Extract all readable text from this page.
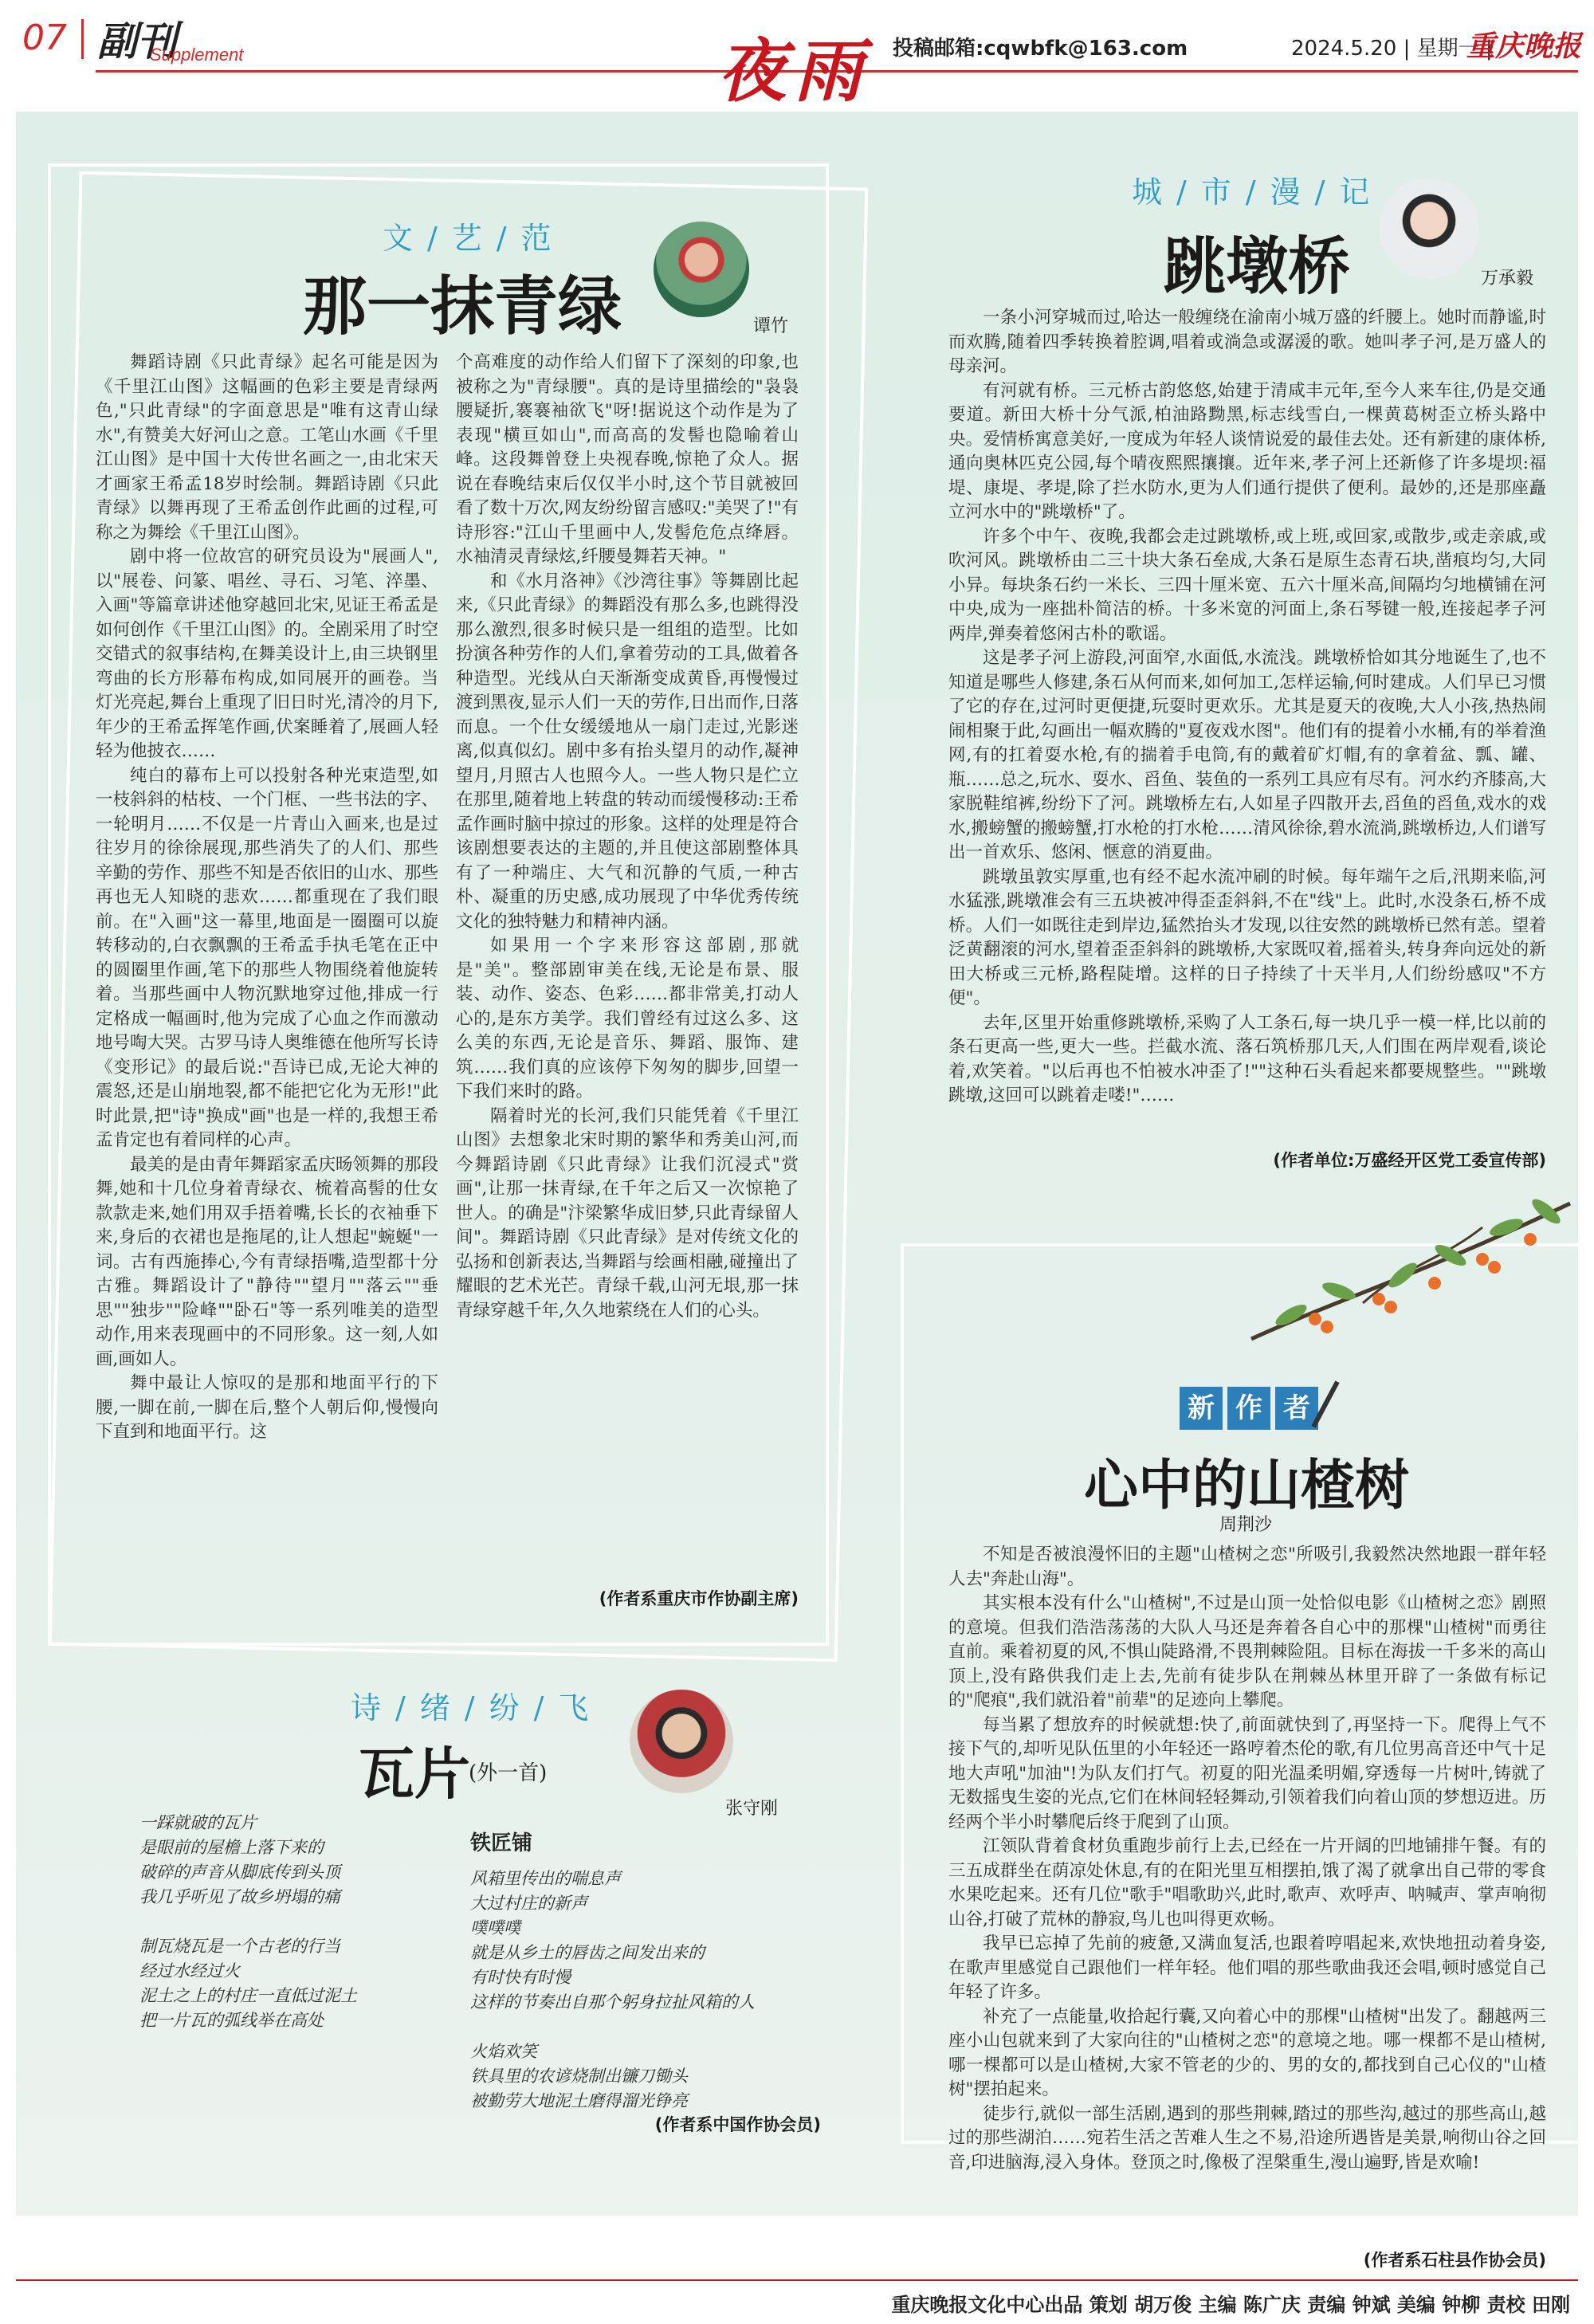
07 副刊
Supplement	夜雨 投稿邮箱:cqwbfk@163.com	2024.5.20 | 星期一 |
重庆晚报
文/艺/范
那一抹青绿	谭竹

舞蹈诗剧《只此青绿》起名可能是因为《千里江山图》这幅画的色彩主要是青绿两色,"只此青绿"的字面意思是"唯有这青山绿水",有赞美大好河山之意。工笔山水画《千里江山图》是中国十大传世名画之一,由北宋天才画家王希孟18岁时绘制。舞蹈诗剧《只此青绿》以舞再现了王希孟创作此画的过程,可称之为舞绘《千里江山图》。

剧中将一位故宫的研究员设为"展画人",以"展卷、问篆、唱丝、寻石、习笔、淬墨、入画"等篇章讲述他穿越回北宋,见证王希孟是如何创作《千里江山图》的。全剧采用了时空交错式的叙事结构,在舞美设计上,由三块钢里弯曲的长方形幕布构成,如同展开的画卷。当灯光亮起,舞台上重现了旧日时光,清冷的月下,年少的王希孟挥笔作画,伏案睡着了,展画人轻轻为他披衣……

纯白的幕布上可以投射各种光束造型,如一枝斜斜的枯枝、一个门框、一些书法的字、一轮明月……不仅是一片青山入画来,也是过往岁月的徐徐展现,那些消失了的人们、那些辛勤的劳作、那些不知是否依旧的山水、那些再也无人知晓的悲欢……都重现在了我们眼前。在"入画"这一幕里,地面是一圈圈可以旋转移动的,白衣飘飘的王希孟手执毛笔在正中的圆圈里作画,笔下的那些人物围绕着他旋转着。当那些画中人物沉默地穿过他,排成一行定格成一幅画时,他为完成了心血之作而激动地号啕大哭。古罗马诗人奥维德在他所写长诗《变形记》的最后说:"吾诗已成,无论大神的震怒,还是山崩地裂,都不能把它化为无形!"此时此景,把"诗"换成"画"也是一样的,我想王希孟肯定也有着同样的心声。

最美的是由青年舞蹈家孟庆旸领舞的那段舞,她和十几位身着青绿衣、梳着高髻的仕女款款走来,她们用双手捂着嘴,长长的衣袖垂下来,身后的衣裙也是拖尾的,让人想起"蜿蜒"一词。古有西施捧心,今有青绿捂嘴,造型都十分古雅。舞蹈设计了"静待""望月""落云""垂思""独步""险峰""卧石"等一系列唯美的造型动作,用来表现画中的不同形象。这一刻,人如画,画如人。

舞中最让人惊叹的是那和地面平行的下腰,一脚在前,一脚在后,整个人朝后仰,慢慢向下直到和地面平行。这

个高难度的动作给人们留下了深刻的印象,也被称之为"青绿腰"。真的是诗里描绘的"袅袅腰疑折,褰褰袖欲飞"呀!据说这个动作是为了表现"横亘如山",而高高的发髻也隐喻着山峰。这段舞曾登上央视春晚,惊艳了众人。据说在春晚结束后仅仅半小时,这个节目就被回看了数十万次,网友纷纷留言感叹:"美哭了!"有诗形容:"江山千里画中人,发髻危危点绛唇。水袖清灵青绿炫,纤腰曼舞若天神。"

和《水月洛神》《沙湾往事》等舞剧比起来,《只此青绿》的舞蹈没有那么多,也跳得没那么激烈,很多时候只是一组组的造型。比如扮演各种劳作的人们,拿着劳动的工具,做着各种造型。光线从白天渐渐变成黄昏,再慢慢过渡到黑夜,显示人们一天的劳作,日出而作,日落而息。一个仕女缓缓地从一扇门走过,光影迷离,似真似幻。剧中多有抬头望月的动作,凝神望月,月照古人也照今人。一些人物只是伫立在那里,随着地上转盘的转动而缓慢移动:王希孟作画时脑中掠过的形象。这样的处理是符合该剧想要表达的主题的,并且使这部剧整体具有了一种端庄、大气和沉静的气质,一种古朴、凝重的历史感,成功展现了中华优秀传统文化的独特魅力和精神内涵。

如果用一个字来形容这部剧,那就是"美"。整部剧审美在线,无论是布景、服装、动作、姿态、色彩……都非常美,打动人心的,是东方美学。我们曾经有过这么多、这么美的东西,无论是音乐、舞蹈、服饰、建筑……我们真的应该停下匆匆的脚步,回望一下我们来时的路。

隔着时光的长河,我们只能凭着《千里江山图》去想象北宋时期的繁华和秀美山河,而今舞蹈诗剧《只此青绿》让我们沉浸式"赏画",让那一抹青绿,在千年之后又一次惊艳了世人。的确是"汴梁繁华成旧梦,只此青绿留人间"。舞蹈诗剧《只此青绿》是对传统文化的弘扬和创新表达,当舞蹈与绘画相融,碰撞出了耀眼的艺术光芒。青绿千载,山河无垠,那一抹青绿穿越千年,久久地萦绕在人们的心头。

(作者系重庆市作协副主席)
城/市/漫/记
跳墩桥	万承毅

一条小河穿城而过,哈达一般缠绕在渝南小城万盛的纤腰上。她时而静谧,时而欢腾,随着四季转换着腔调,唱着或淌急或潺湲的歌。她叫孝子河,是万盛人的母亲河。

有河就有桥。三元桥古韵悠悠,始建于清咸丰元年,至今人来车往,仍是交通要道。新田大桥十分气派,柏油路黝黑,标志线雪白,一棵黄葛树歪立桥头路中央。爱情桥寓意美好,一度成为年轻人谈情说爱的最佳去处。还有新建的康体桥,通向奥林匹克公园,每个晴夜熙熙攘攘。近年来,孝子河上还新修了许多堤坝:福堤、康堤、孝堤,除了拦水防水,更为人们通行提供了便利。最妙的,还是那座矗立河水中的"跳墩桥"了。

许多个中午、夜晚,我都会走过跳墩桥,或上班,或回家,或散步,或走亲戚,或吹河风。跳墩桥由二三十块大条石垒成,大条石是原生态青石块,凿痕均匀,大同小异。每块条石约一米长、三四十厘米宽、五六十厘米高,间隔均匀地横铺在河中央,成为一座拙朴简洁的桥。十多米宽的河面上,条石琴键一般,连接起孝子河两岸,弹奏着悠闲古朴的歌谣。

这是孝子河上游段,河面窄,水面低,水流浅。跳墩桥恰如其分地诞生了,也不知道是哪些人修建,条石从何而来,如何加工,怎样运输,何时建成。人们早已习惯了它的存在,过河时更便捷,玩耍时更欢乐。尤其是夏天的夜晚,大人小孩,热热闹闹相聚于此,勾画出一幅欢腾的"夏夜戏水图"。他们有的提着小水桶,有的举着渔网,有的扛着耍水枪,有的揣着手电筒,有的戴着矿灯帽,有的拿着盆、瓢、罐、瓶……总之,玩水、耍水、舀鱼、装鱼的一系列工具应有尽有。河水约齐膝高,大家脱鞋绾裤,纷纷下了河。跳墩桥左右,人如星子四散开去,舀鱼的舀鱼,戏水的戏水,搬螃蟹的搬螃蟹,打水枪的打水枪……清风徐徐,碧水流淌,跳墩桥边,人们谱写出一首欢乐、悠闲、惬意的消夏曲。

跳墩虽敦实厚重,也有经不起水流冲刷的时候。每年端午之后,汛期来临,河水猛涨,跳墩准会有三五块被冲得歪歪斜斜,不在"线"上。此时,水没条石,桥不成桥。人们一如既往走到岸边,猛然抬头才发现,以往安然的跳墩桥已然有恙。望着泛黄翻滚的河水,望着歪歪斜斜的跳墩桥,大家既叹着,摇着头,转身奔向远处的新田大桥或三元桥,路程陡增。这样的日子持续了十天半月,人们纷纷感叹"不方便"。

去年,区里开始重修跳墩桥,采购了人工条石,每一块几乎一模一样,比以前的条石更高一些,更大一些。拦截水流、落石筑桥那几天,人们围在两岸观看,谈论着,欢笑着。"以后再也不怕被水冲歪了!""这种石头看起来都要规整些。""跳墩跳墩,这回可以跳着走喽!"……

(作者单位:万盛经开区党工委宣传部)
诗/绪/纷/飞
瓦片
(外一首)
张守刚
一踩就破的瓦片
是眼前的屋檐上落下来的
破碎的声音从脚底传到头顶
我几乎听见了故乡坍塌的痛
制瓦烧瓦是一个古老的行当
经过水经过火
泥土之上的村庄一直低过泥土
把一片瓦的弧线举在高处
铁匠铺
风箱里传出的喘息声
大过村庄的新声
噗噗噗
就是从乡土的唇齿之间发出来的
有时快有时慢
这样的节奏出自那个躬身拉扯风箱的人
火焰欢笑
铁具里的农谚烧制出镰刀锄头
被勤劳大地泥土磨得溜光铮亮
(作者系中国作协会员)
新 作 者
心中的山楂树
周荆沙

不知是否被浪漫怀旧的主题"山楂树之恋"所吸引,我毅然决然地跟一群年轻人去"奔赴山海"。

其实根本没有什么"山楂树",不过是山顶一处恰似电影《山楂树之恋》剧照的意境。但我们浩浩荡荡的大队人马还是奔着各自心中的那棵"山楂树"而勇往直前。乘着初夏的风,不惧山陡路滑,不畏荆棘险阻。目标在海拔一千多米的高山顶上,没有路供我们走上去,先前有徒步队在荆棘丛林里开辟了一条做有标记的"爬痕",我们就沿着"前辈"的足迹向上攀爬。

每当累了想放弃的时候就想:快了,前面就快到了,再坚持一下。爬得上气不接下气的,却听见队伍里的小年轻还一路哼着杰伦的歌,有几位男高音还中气十足地大声吼"加油"!为队友们打气。初夏的阳光温柔明媚,穿透每一片树叶,铸就了无数摇曳生姿的光点,它们在林间轻轻舞动,引领着我们向着山顶的梦想迈进。历经两个半小时攀爬后终于爬到了山顶。

江领队背着食材负重跑步前行上去,已经在一片开阔的凹地铺排午餐。有的三五成群坐在荫凉处休息,有的在阳光里互相摆拍,饿了渴了就拿出自己带的零食水果吃起来。还有几位"歌手"唱歌助兴,此时,歌声、欢呼声、呐喊声、掌声响彻山谷,打破了荒林的静寂,鸟儿也叫得更欢畅。

我早已忘掉了先前的疲惫,又满血复活,也跟着哼唱起来,欢快地扭动着身姿,在歌声里感觉自己跟他们一样年轻。他们唱的那些歌曲我还会唱,顿时感觉自己年轻了许多。

补充了一点能量,收拾起行囊,又向着心中的那棵"山楂树"出发了。翻越两三座小山包就来到了大家向往的"山楂树之恋"的意境之地。哪一棵都不是山楂树,哪一棵都可以是山楂树,大家不管老的少的、男的女的,都找到自己心仪的"山楂树"摆拍起来。

徒步行,就似一部生活剧,遇到的那些荆棘,踏过的那些沟,越过的那些高山,越过的那些湖泊……宛若生活之苦难人生之不易,沿途所遇皆是美景,响彻山谷之回音,印进脑海,浸入身体。登顶之时,像极了涅槃重生,漫山遍野,皆是欢喻!

(作者系石柱县作协会员)
重庆晚报文化中心出品 策划 胡万俊 主编 陈广庆 责编 钟斌 美编 钟柳 责校 田刚
